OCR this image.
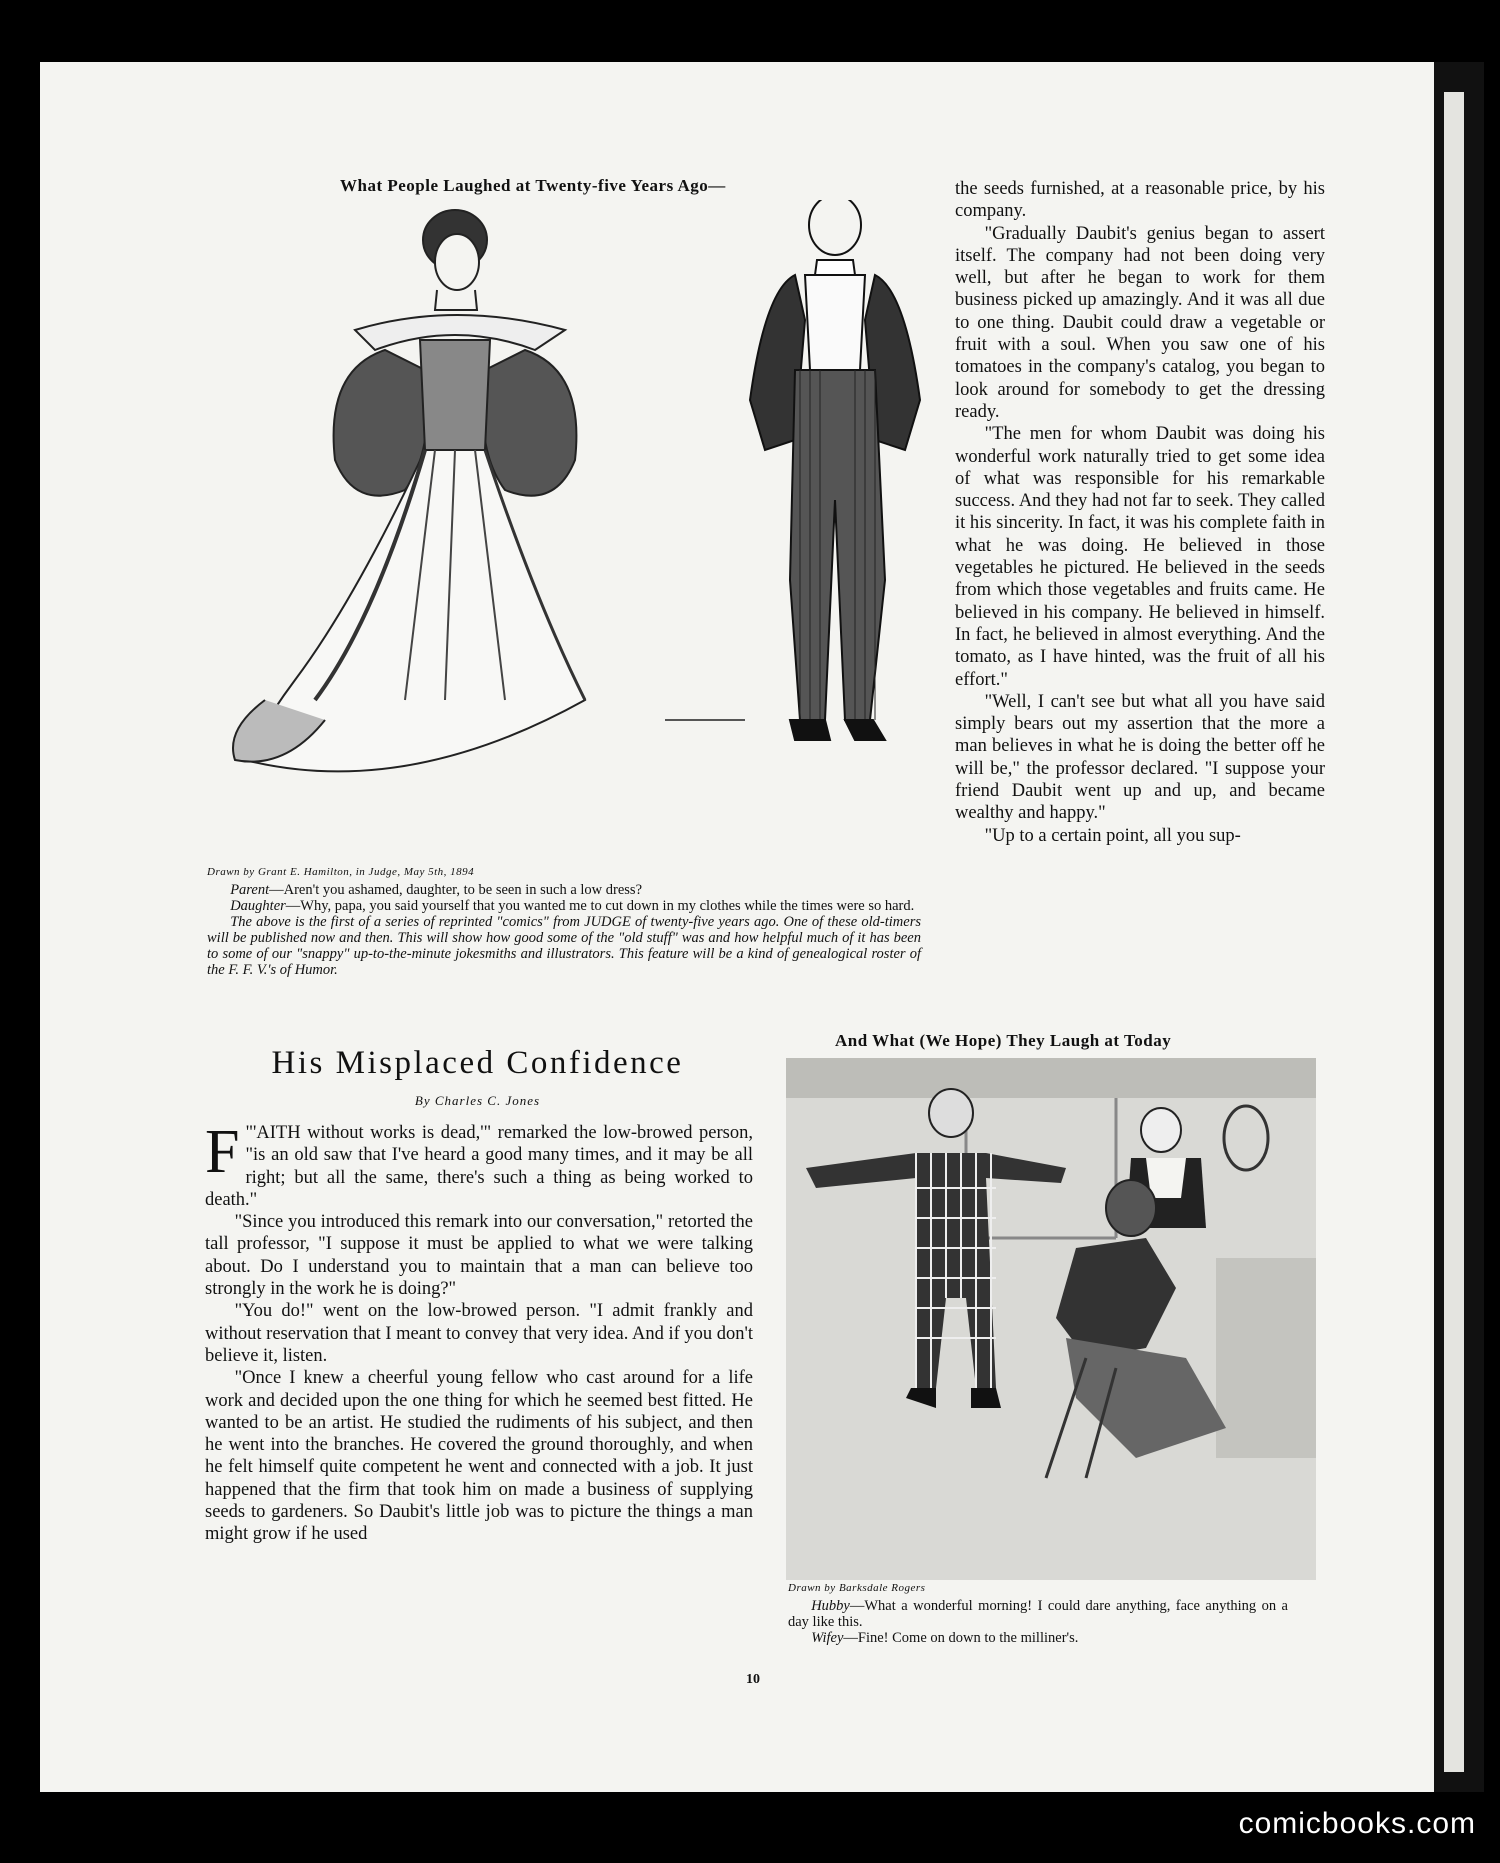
What People Laughed at Twenty-five Years Ago—
Drawn by Grant E. Hamilton, in Judge, May 5th, 1894

Parent—Aren't you ashamed, daughter, to be seen in such a low dress?

Daughter—Why, papa, you said yourself that you wanted me to cut down in my clothes while the times were so hard.

The above is the first of a series of reprinted "comics" from JUDGE of twenty-five years ago. One of these old-timers will be published now and then. This will show how good some of the "old stuff" was and how helpful much of it has been to some of our "snappy" up-to-the-minute jokesmiths and illustrators. This feature will be a kind of genealogical roster of the F. F. V.'s of Humor.

the seeds furnished, at a reasonable price, by his company.

"Gradually Daubit's genius began to assert itself. The company had not been doing very well, but after he began to work for them business picked up amazingly. And it was all due to one thing. Daubit could draw a vegetable or fruit with a soul. When you saw one of his tomatoes in the company's catalog, you began to look around for somebody to get the dressing ready.

"The men for whom Daubit was doing his wonderful work naturally tried to get some idea of what was responsible for his remarkable success. And they had not far to seek. They called it his sincerity. In fact, it was his complete faith in what he was doing. He believed in those vegetables he pictured. He believed in the seeds from which those vegetables and fruits came. He believed in his company. He believed in himself. In fact, he believed in almost everything. And the tomato, as I have hinted, was the fruit of all his effort."

"Well, I can't see but what all you have said simply bears out my assertion that the more a man believes in what he is doing the better off he will be," the professor declared. "I suppose your friend Daubit went up and up, and became wealthy and happy."

"Up to a certain point, all you sup-

His Misplaced Confidence
By Charles C. Jones

"'
F AITH without works is dead,'" remarked the low-browed person, "is an old saw that I've heard a good many times, and it may be all right; but all the same, there's such a thing as being worked to death."

"Since you introduced this remark into our conversation," retorted the tall professor, "I suppose it must be applied to what we were talking about. Do I understand you to maintain that a man can believe too strongly in the work he is doing?"

"You do!" went on the low-browed person. "I admit frankly and without reservation that I meant to convey that very idea. And if you don't believe it, listen.

"Once I knew a cheerful young fellow who cast around for a life work and decided upon the one thing for which he seemed best fitted. He wanted to be an artist. He studied the rudiments of his subject, and then he went into the branches. He covered the ground thoroughly, and when he felt himself quite competent he went and connected with a job. It just happened that the firm that took him on made a business of supplying seeds to gardeners. So Daubit's little job was to picture the things a man might grow if he used

And What (We Hope) They Laugh at Today
Drawn by Barksdale Rogers

Hubby—What a wonderful morning! I could dare anything, face anything on a day like this.

Wifey—Fine! Come on down to the milliner's.

10
comicbooks.com
